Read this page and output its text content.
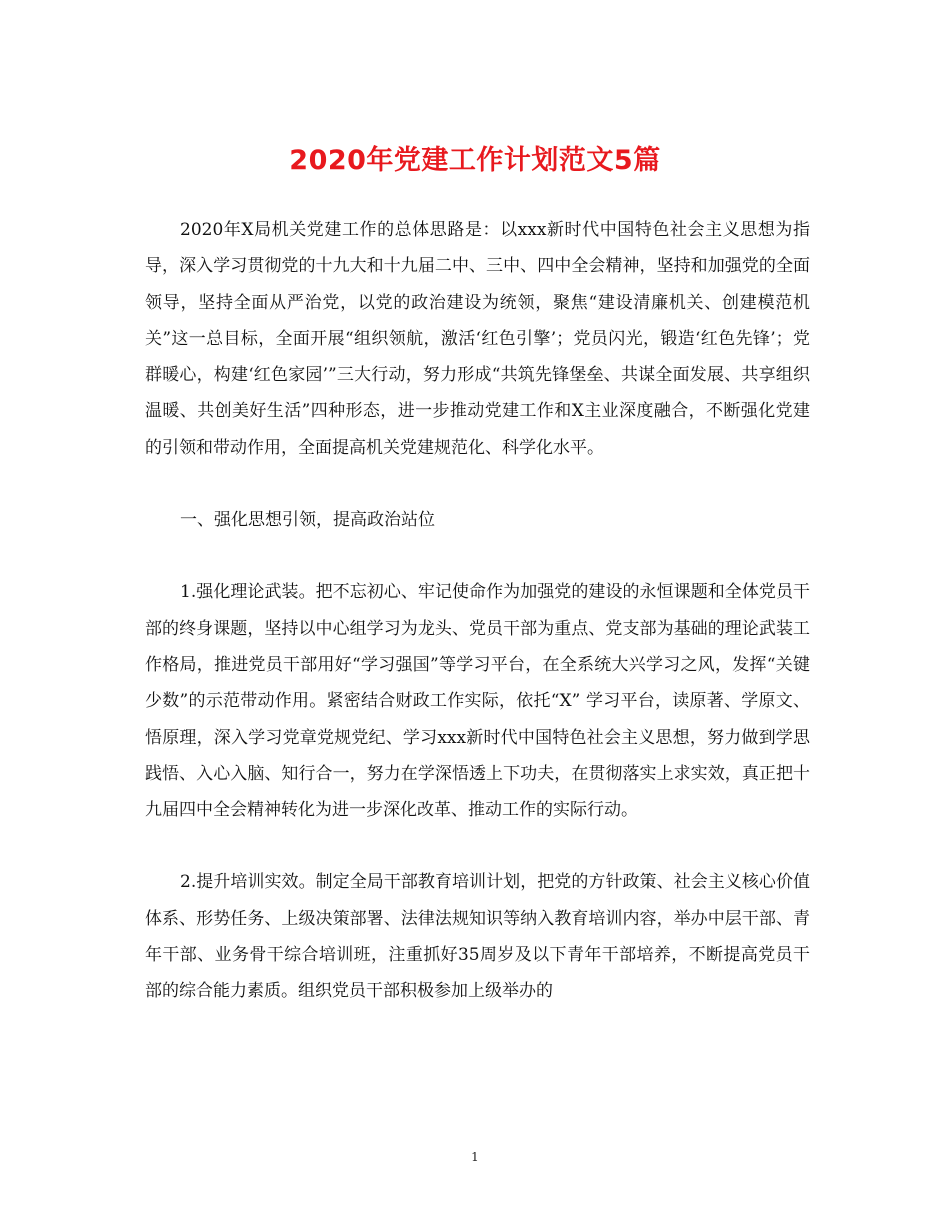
2020年党建工作计划范文5篇

2020年X局机关党建工作的总体思路是：以xxx新时代中国特色社会主义思想为指导，深入学习贯彻党的十九大和十九届二中、三中、四中全会精神，坚持和加强党的全面领导，坚持全面从严治党，以党的政治建设为统领，聚焦“建设清廉机关、创建模范机关”这一总目标，全面开展“组织领航，激活‘红色引擎’；党员闪光，锻造‘红色先锋’；党群暖心，构建‘红色家园’”三大行动，努力形成“共筑先锋堡垒、共谋全面发展、共享组织温暖、共创美好生活”四种形态，进一步推动党建工作和X主业深度融合，不断强化党建的引领和带动作用，全面提高机关党建规范化、科学化水平。

一、强化思想引领，提高政治站位

1.强化理论武装。把不忘初心、牢记使命作为加强党的建设的永恒课题和全体党员干部的终身课题，坚持以中心组学习为龙头、党员干部为重点、党支部为基础的理论武装工作格局，推进党员干部用好“学习强国”等学习平台，在全系统大兴学习之风，发挥“关键少数”的示范带动作用。紧密结合财政工作实际，依托“X” 学习平台，读原著、学原文、悟原理，深入学习党章党规党纪、学习xxx新时代中国特色社会主义思想，努力做到学思践悟、入心入脑、知行合一，努力在学深悟透上下功夫，在贯彻落实上求实效，真正把十九届四中全会精神转化为进一步深化改革、推动工作的实际行动。

2.提升培训实效。制定全局干部教育培训计划，把党的方针政策、社会主义核心价值体系、形势任务、上级决策部署、法律法规知识等纳入教育培训内容，举办中层干部、青年干部、业务骨干综合培训班，注重抓好35周岁及以下青年干部培养，不断提高党员干部的综合能力素质。组织党员干部积极参加上级举办的

1
